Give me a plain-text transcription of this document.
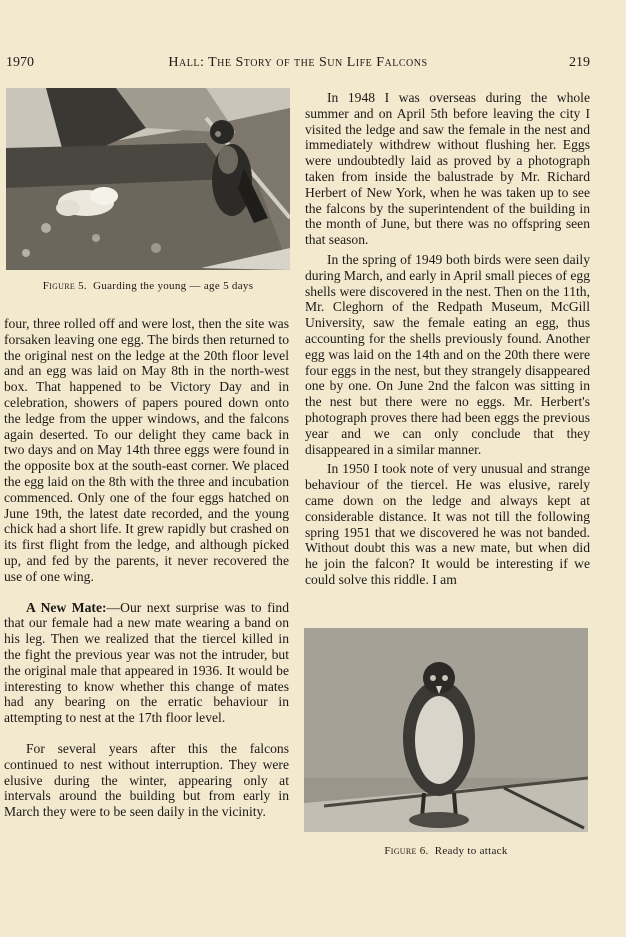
1970	Hall: The Story of the Sun Life Falcons	219
Figure 5. Guarding the young — age 5 days

four, three rolled off and were lost, then the site was forsaken leaving one egg. The birds then returned to the original nest on the ledge at the 20th floor level and an egg was laid on May 8th in the north-west box. That happened to be Victory Day and in celebration, showers of papers poured down onto the ledge from the upper windows, and the falcons again deserted. To our delight they came back in two days and on May 14th three eggs were found in the opposite box at the south-east corner. We placed the egg laid on the 8th with the three and incubation commenced. Only one of the four eggs hatched on June 19th, the latest date recorded, and the young chick had a short life. It grew rapidly but crashed on its first flight from the ledge, and although picked up, and fed by the parents, it never recovered the use of one wing.

A New Mate:—Our next surprise was to find that our female had a new mate wearing a band on his leg. Then we realized that the tiercel killed in the fight the previous year was not the intruder, but the original male that appeared in 1936. It would be interesting to know whether this change of mates had any bearing on the erratic behaviour in attempting to nest at the 17th floor level.

For several years after this the falcons continued to nest without interruption. They were elusive during the winter, appearing only at intervals around the building but from early in March they were to be seen daily in the vicinity.

In 1948 I was overseas during the whole summer and on April 5th before leaving the city I visited the ledge and saw the female in the nest and immediately withdrew without flushing her. Eggs were undoubtedly laid as proved by a photograph taken from inside the balustrade by Mr. Richard Herbert of New York, when he was taken up to see the falcons by the superintendent of the building in the month of June, but there was no offspring seen that season.

In the spring of 1949 both birds were seen daily during March, and early in April small pieces of egg shells were discovered in the nest. Then on the 11th, Mr. Cleghorn of the Redpath Museum, McGill University, saw the female eating an egg, thus accounting for the shells previously found. Another egg was laid on the 14th and on the 20th there were four eggs in the nest, but they strangely disappeared one by one. On June 2nd the falcon was sitting in the nest but there were no eggs. Mr. Herbert's photograph proves there had been eggs the previous year and we can only conclude that they disappeared in a similar manner.

In 1950 I took note of very unusual and strange behaviour of the tiercel. He was elusive, rarely came down on the ledge and always kept at considerable distance. It was not till the following spring 1951 that we discovered he was not banded. Without doubt this was a new mate, but when did he join the falcon? It would be interesting if we could solve this riddle. I am

Figure 6. Ready to attack
